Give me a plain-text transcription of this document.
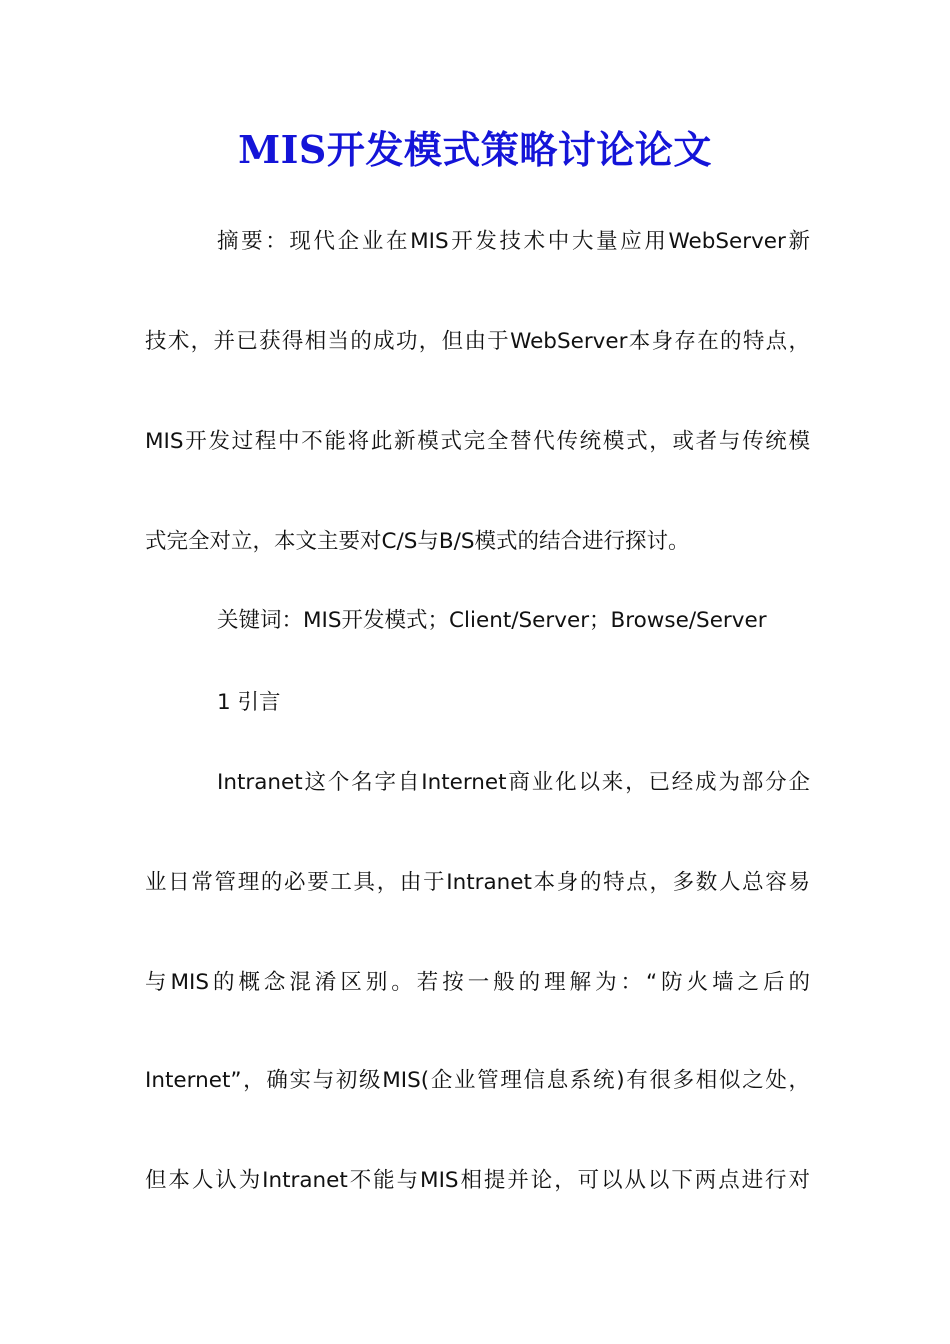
MIS开发模式策略讨论论文
摘要：现代企业在MIS开发技术中大量应用WebServer新
技术，并已获得相当的成功，但由于WebServer本身存在的特点，
MIS开发过程中不能将此新模式完全替代传统模式，或者与传统模
式完全对立，本文主要对C/S与B/S模式的结合进行探讨。
关键词：MIS开发模式；Client/Server；Browse/Server
1 引言
Intranet这个名字自Internet商业化以来，已经成为部分企
业日常管理的必要工具，由于Intranet本身的特点，多数人总容易
与MIS的概念混淆区别。若按一般的理解为：“防火墙之后的
Internet”，确实与初级MIS(企业管理信息系统)有很多相似之处，
但本人认为Intranet不能与MIS相提并论，可以从以下两点进行对
